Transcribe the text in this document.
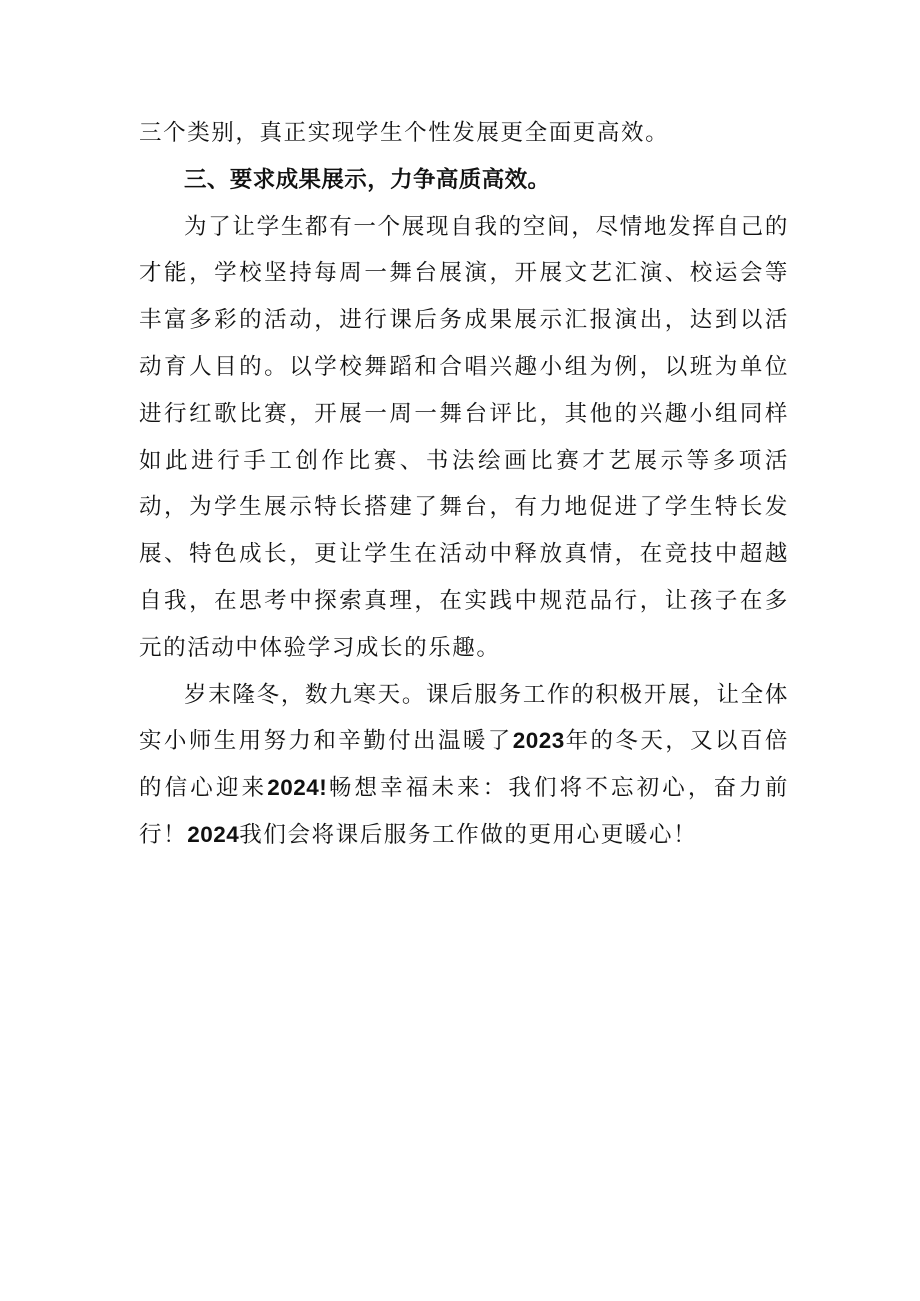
三个类别，真正实现学生个性发展更全面更高效。

三、要求成果展示，力争高质高效。

为了让学生都有一个展现自我的空间，尽情地发挥自己的才能，学校坚持每周一舞台展演，开展文艺汇演、校运会等丰富多彩的活动，进行课后务成果展示汇报演出，达到以活动育人目的。以学校舞蹈和合唱兴趣小组为例，以班为单位进行红歌比赛，开展一周一舞台评比，其他的兴趣小组同样如此进行手工创作比赛、书法绘画比赛才艺展示等多项活动，为学生展示特长搭建了舞台，有力地促进了学生特长发展、特色成长，更让学生在活动中释放真情，在竞技中超越自我，在思考中探索真理，在实践中规范品行，让孩子在多元的活动中体验学习成长的乐趣。

岁末隆冬，数九寒天。课后服务工作的积极开展，让全体实小师生用努力和辛勤付出温暖了2023年的冬天，又以百倍的信心迎来2024!畅想幸福未来：我们将不忘初心，奋力前行！2024我们会将课后服务工作做的更用心更暖心！
